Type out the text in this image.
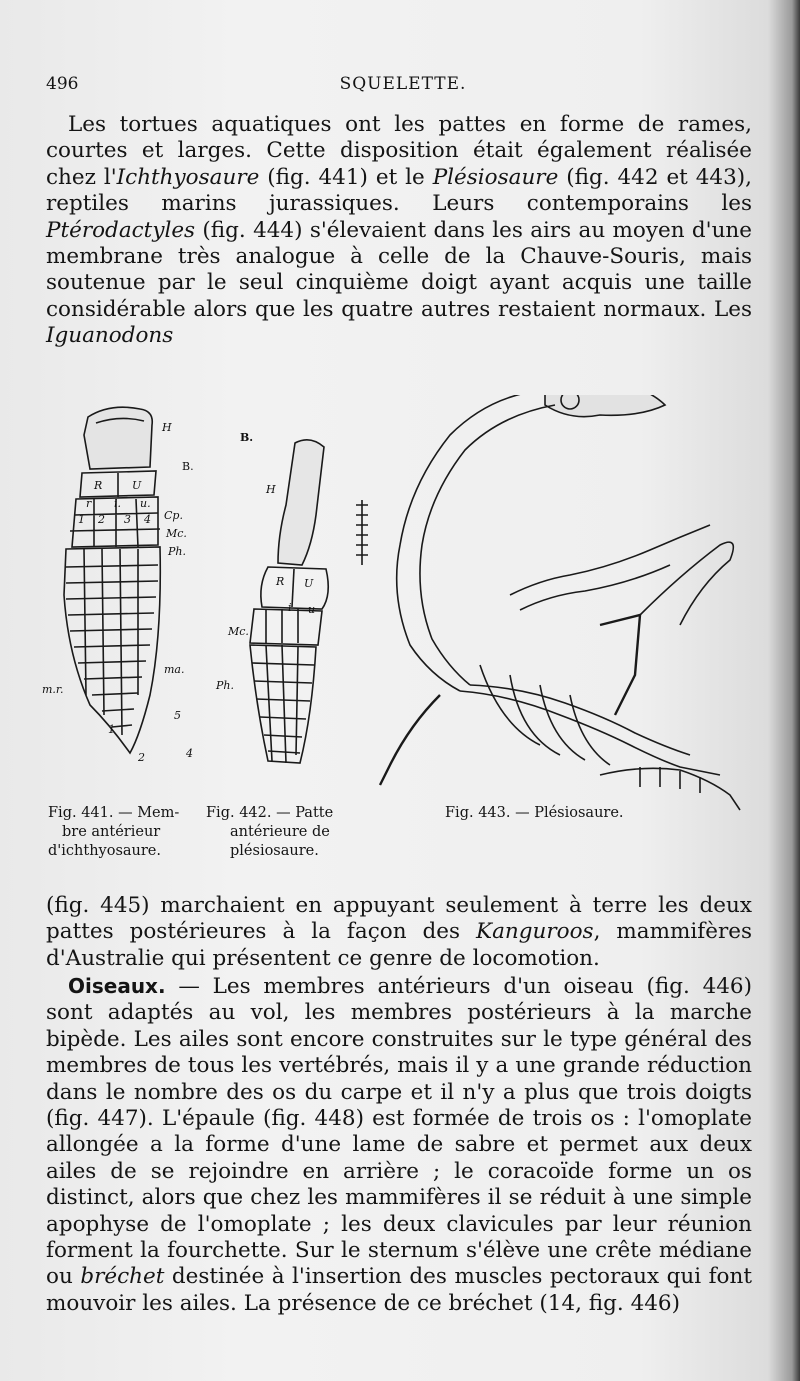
496	SQUELETTE.

Les tortues aquatiques ont les pattes en forme de rames, courtes et larges. Cette disposition était également réalisée chez l'Ichthyosaure (fig. 441) et le Plésiosaure (fig. 442 et 443), reptiles marins jurassiques. Leurs contemporains les Ptérodactyles (fig. 444) s'élevaient dans les airs au moyen d'une membrane très analogue à celle de la Chauve-Souris, mais soutenue par le seul cinquième doigt ayant acquis une taille considérable alors que les quatre autres restaient normaux. Les Iguanodons

H
B.
R	U
r i. u.
1 2 3 4 Cp.
Mc.
Ph.
ma.
m.r.
1
5
2	4
B.
H
R U
i u
Mc.
Ph.
Fig. 441. — Mem-
bre antérieur
d'ichthyosaure.
Fig. 442. — Patte
antérieure de
plésiosaure.
Fig. 443. — Plésiosaure.

(fig. 445) marchaient en appuyant seulement à terre les deux pattes postérieures à la façon des Kanguroos, mammifères d'Australie qui présentent ce genre de locomotion.

Oiseaux. — Les membres antérieurs d'un oiseau (fig. 446) sont adaptés au vol, les membres postérieurs à la marche bipède. Les ailes sont encore construites sur le type général des membres de tous les vertébrés, mais il y a une grande réduction dans le nombre des os du carpe et il n'y a plus que trois doigts (fig. 447). L'épaule (fig. 448) est formée de trois os : l'omoplate allongée a la forme d'une lame de sabre et permet aux deux ailes de se rejoindre en arrière ; le coracoïde forme un os distinct, alors que chez les mammifères il se réduit à une simple apophyse de l'omoplate ; les deux clavicules par leur réunion forment la fourchette. Sur le sternum s'élève une crête médiane ou bréchet destinée à l'insertion des muscles pectoraux qui font mouvoir les ailes. La présence de ce bréchet (14, fig. 446)
